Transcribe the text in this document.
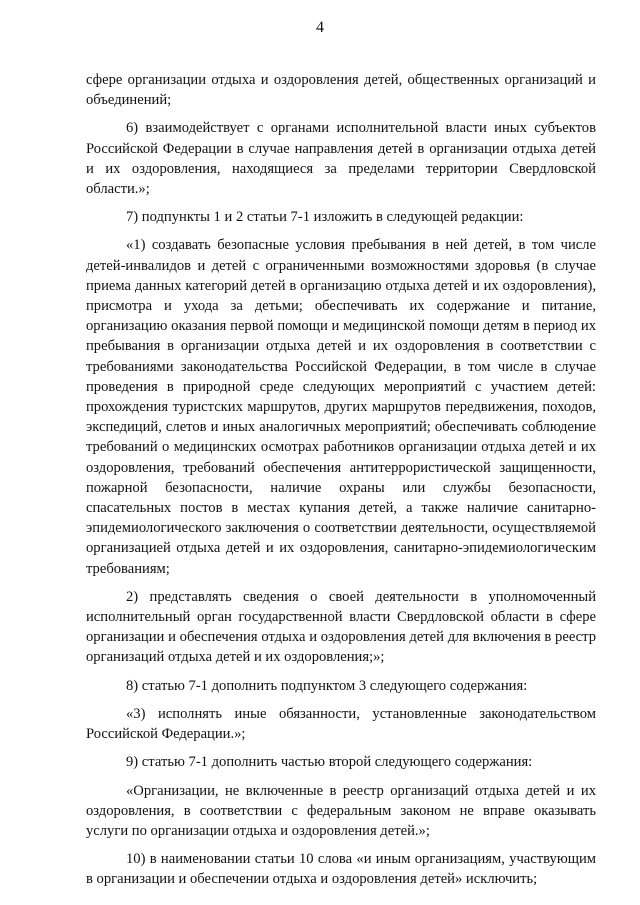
4

сфере организации отдыха и оздоровления детей, общественных организаций и объединений;

6) взаимодействует с органами исполнительной власти иных субъектов Российской Федерации в случае направления детей в организации отдыха детей и их оздоровления, находящиеся за пределами территории Свердловской области.»;

7) подпункты 1 и 2 статьи 7-1 изложить в следующей редакции:

«1) создавать безопасные условия пребывания в ней детей, в том числе детей-инвалидов и детей с ограниченными возможностями здоровья (в случае приема данных категорий детей в организацию отдыха детей и их оздоровления), присмотра и ухода за детьми; обеспечивать их содержание и питание, организацию оказания первой помощи и медицинской помощи детям в период их пребывания в организации отдыха детей и их оздоровления в соответствии с требованиями законодательства Российской Федерации, в том числе в случае проведения в природной среде следующих мероприятий с участием детей: прохождения туристских маршрутов, других маршрутов передвижения, походов, экспедиций, слетов и иных аналогичных мероприятий; обеспечивать соблюдение требований о медицинских осмотрах работников организации отдыха детей и их оздоровления, требований обеспечения антитеррористической защищенности, пожарной безопасности, наличие охраны или службы безопасности, спасательных постов в местах купания детей, а также наличие санитарно-эпидемиологического заключения о соответствии деятельности, осуществляемой организацией отдыха детей и их оздоровления, санитарно-эпидемиологическим требованиям;

2) представлять сведения о своей деятельности в уполномоченный исполнительный орган государственной власти Свердловской области в сфере организации и обеспечения отдыха и оздоровления детей для включения в реестр организаций отдыха детей и их оздоровления;»;

8) статью 7-1 дополнить подпунктом 3 следующего содержания:

«3) исполнять иные обязанности, установленные законодательством Российской Федерации.»;

9) статью 7-1 дополнить частью второй следующего содержания:

«Организации, не включенные в реестр организаций отдыха детей и их оздоровления, в соответствии с федеральным законом не вправе оказывать услуги по организации отдыха и оздоровления детей.»;

10) в наименовании статьи 10 слова «и иным организациям, участвующим в организации и обеспечении отдыха и оздоровления детей» исключить;
